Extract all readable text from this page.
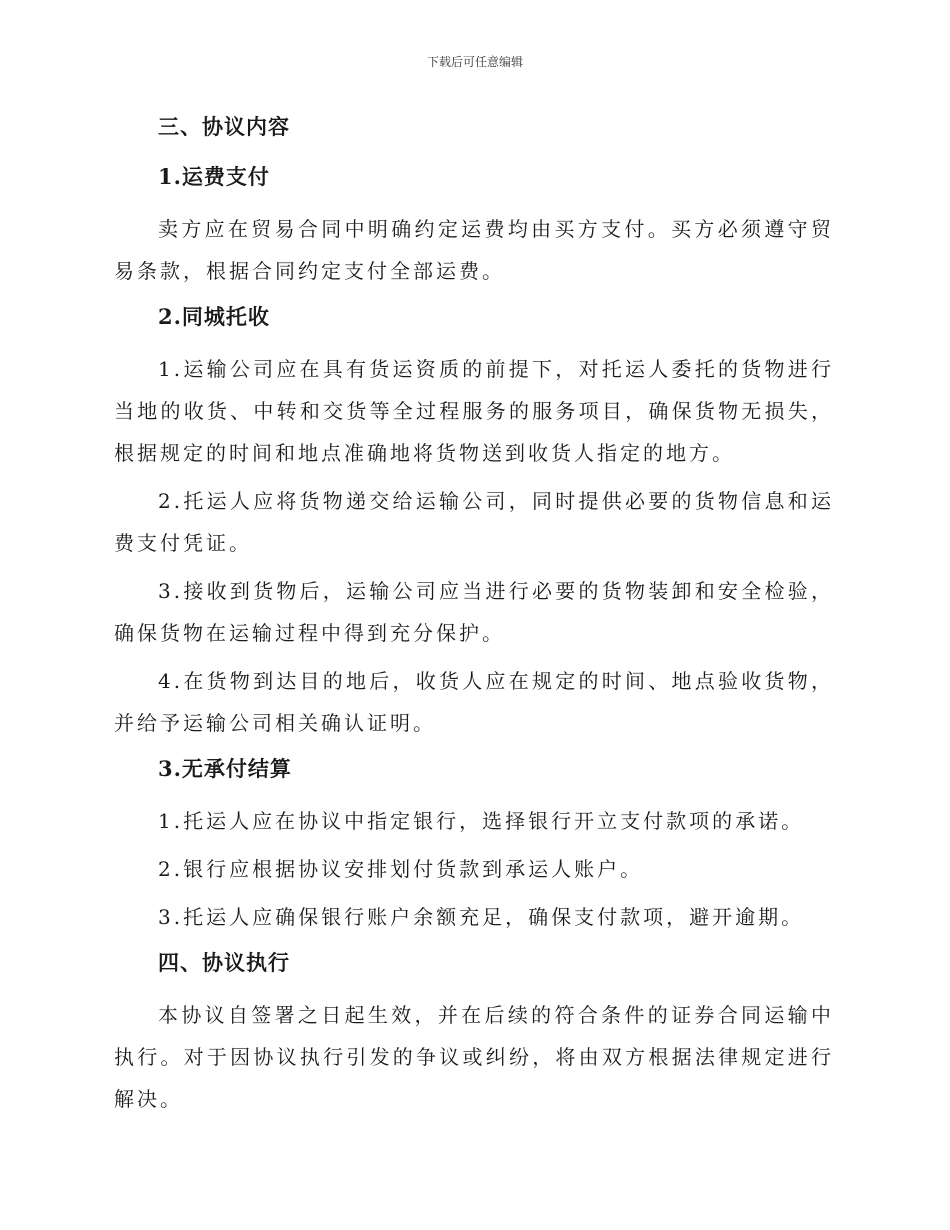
下载后可任意编辑
三、协议内容
1.运费支付
卖方应在贸易合同中明确约定运费均由买方支付。买方必须遵守贸易条款，根据合同约定支付全部运费。
2.同城托收
1.运输公司应在具有货运资质的前提下，对托运人委托的货物进行当地的收货、中转和交货等全过程服务的服务项目，确保货物无损失，根据规定的时间和地点准确地将货物送到收货人指定的地方。
2.托运人应将货物递交给运输公司，同时提供必要的货物信息和运费支付凭证。
3.接收到货物后，运输公司应当进行必要的货物装卸和安全检验，确保货物在运输过程中得到充分保护。
4.在货物到达目的地后，收货人应在规定的时间、地点验收货物，并给予运输公司相关确认证明。
3.无承付结算
1.托运人应在协议中指定银行，选择银行开立支付款项的承诺。
2.银行应根据协议安排划付货款到承运人账户。
3.托运人应确保银行账户余额充足，确保支付款项，避开逾期。
四、协议执行
本协议自签署之日起生效，并在后续的符合条件的证券合同运输中执行。对于因协议执行引发的争议或纠纷，将由双方根据法律规定进行解决。
